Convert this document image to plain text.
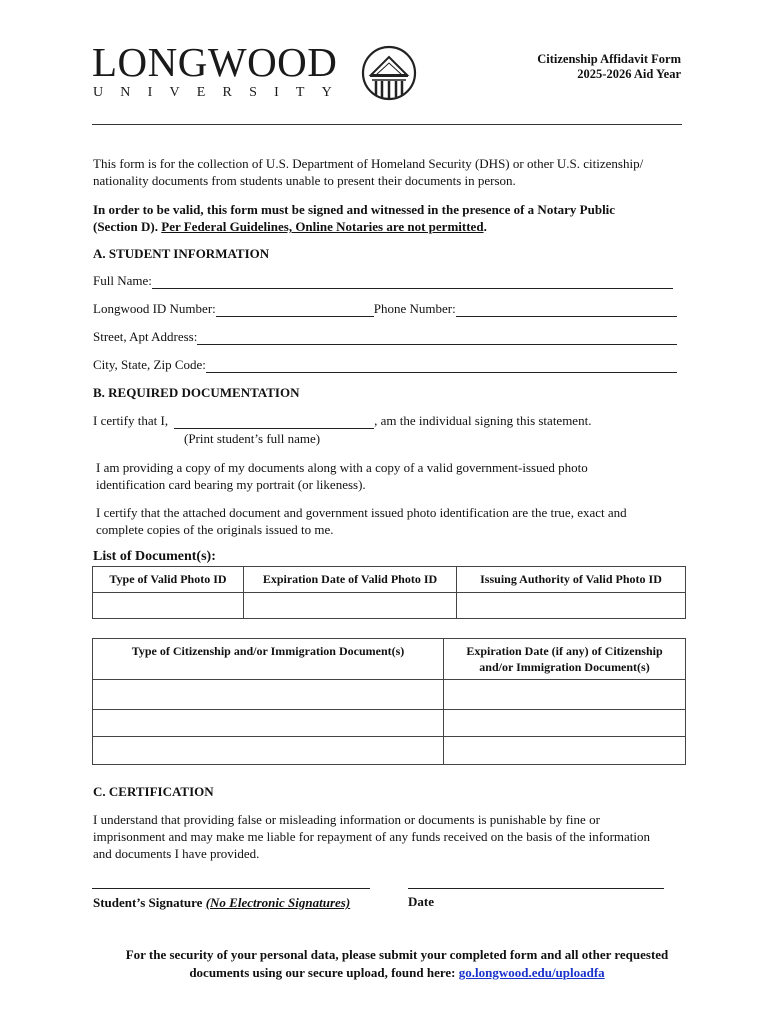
LONGWOOD
UNIVERSITY
Citizenship Affidavit Form
2025-2026 Aid Year

This form is for the collection of U.S. Department of Homeland Security (DHS) or other U.S. citizenship/ nationality documents from students unable to present their documents in person.

In order to be valid, this form must be signed and witnessed in the presence of a Notary Public (Section D). Per Federal Guidelines, Online Notaries are not permitted.

A. STUDENT INFORMATION
Full Name:
Longwood ID Number:	Phone Number:
Street, Apt Address:
City, State, Zip Code:
B. REQUIRED DOCUMENTATION
I certify that I,	, am the individual signing this statement.
(Print student’s full name)

I am providing a copy of my documents along with a copy of a valid government-issued photo identification card bearing my portrait (or likeness).

I certify that the attached document and government issued photo identification are the true, exact and complete copies of the originals issued to me.

List of Document(s):
Type of Valid Photo ID	Expiration Date of Valid Photo ID	Issuing Authority of Valid Photo ID

Type of Citizenship and/or Immigration Document(s)	Expiration Date (if any) of Citizenship and/or Immigration Document(s)

C. CERTIFICATION

I understand that providing false or misleading information or documents is punishable by fine or imprisonment and may make me liable for repayment of any funds received on the basis of the information and documents I have provided.

Student’s Signature (No Electronic Signatures)	Date

For the security of your personal data, please submit your completed form and all other requested documents using our secure upload, found here: go.longwood.edu/uploadfa
